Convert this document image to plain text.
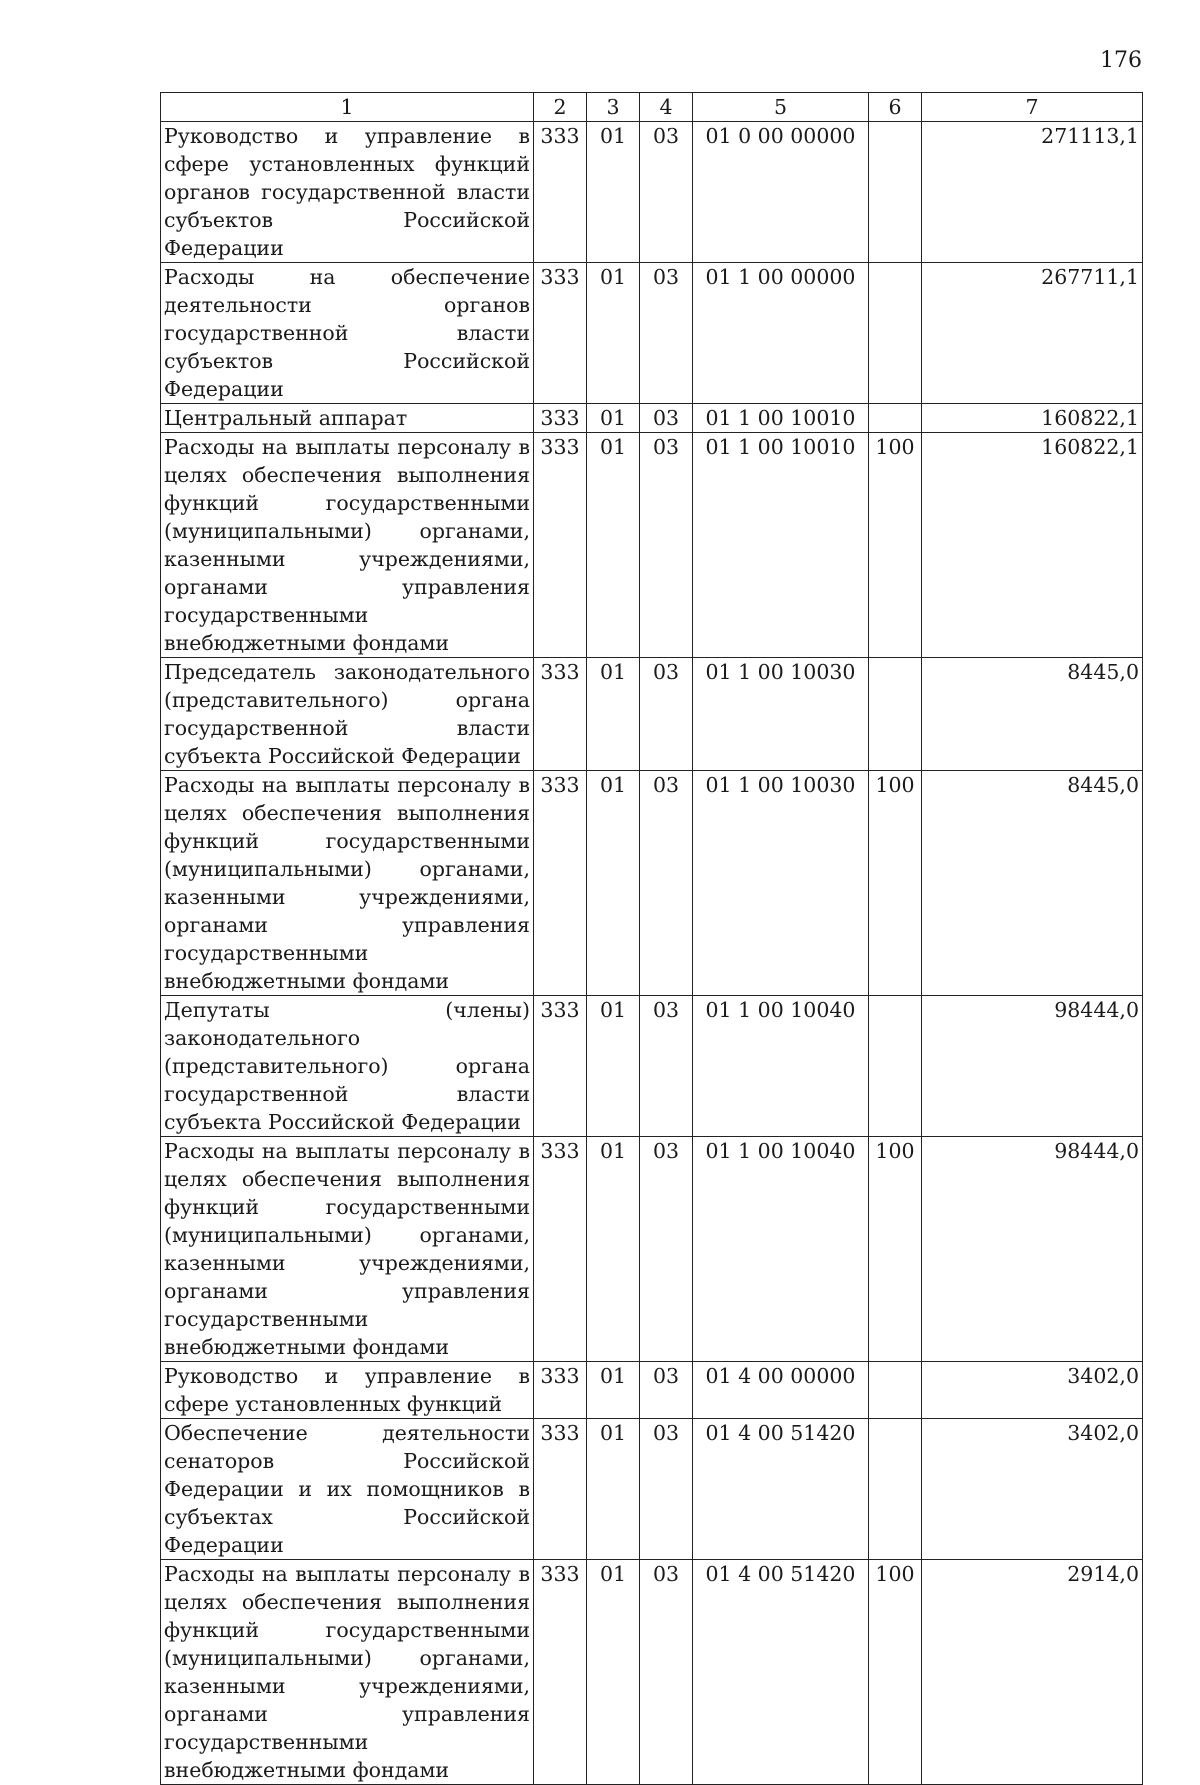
176
1	2	3	4	5	6	7
Руководство и управление в сфере установленных функций органов государственной власти субъектов Российской Федерации	333	01	03	01 0 00 00000		271113,1
Расходы на обеспечение деятельности органов государственной власти субъектов Российской Федерации	333	01	03	01 1 00 00000		267711,1
Центральный аппарат	333	01	03	01 1 00 10010		160822,1
Расходы на выплаты персоналу в целях обеспечения выполнения функций государственными (муниципальными) органами, казенными учреждениями, органами управления государственными внебюджетными фондами	333	01	03	01 1 00 10010	100	160822,1
Председатель законодательного (представительного) органа государственной власти субъекта Российской Федерации	333	01	03	01 1 00 10030		8445,0
Расходы на выплаты персоналу в целях обеспечения выполнения функций государственными (муниципальными) органами, казенными учреждениями, органами управления государственными внебюджетными фондами	333	01	03	01 1 00 10030	100	8445,0
Депутаты (члены) законодательного (представительного) органа государственной власти субъекта Российской Федерации	333	01	03	01 1 00 10040		98444,0
Расходы на выплаты персоналу в целях обеспечения выполнения функций государственными (муниципальными) органами, казенными учреждениями, органами управления государственными внебюджетными фондами	333	01	03	01 1 00 10040	100	98444,0
Руководство и управление в сфере установленных функций	333	01	03	01 4 00 00000		3402,0
Обеспечение деятельности сенаторов Российской Федерации и их помощников в субъектах Российской Федерации	333	01	03	01 4 00 51420		3402,0
Расходы на выплаты персоналу в целях обеспечения выполнения функций государственными (муниципальными) органами, казенными учреждениями, органами управления государственными внебюджетными фондами	333	01	03	01 4 00 51420	100	2914,0
